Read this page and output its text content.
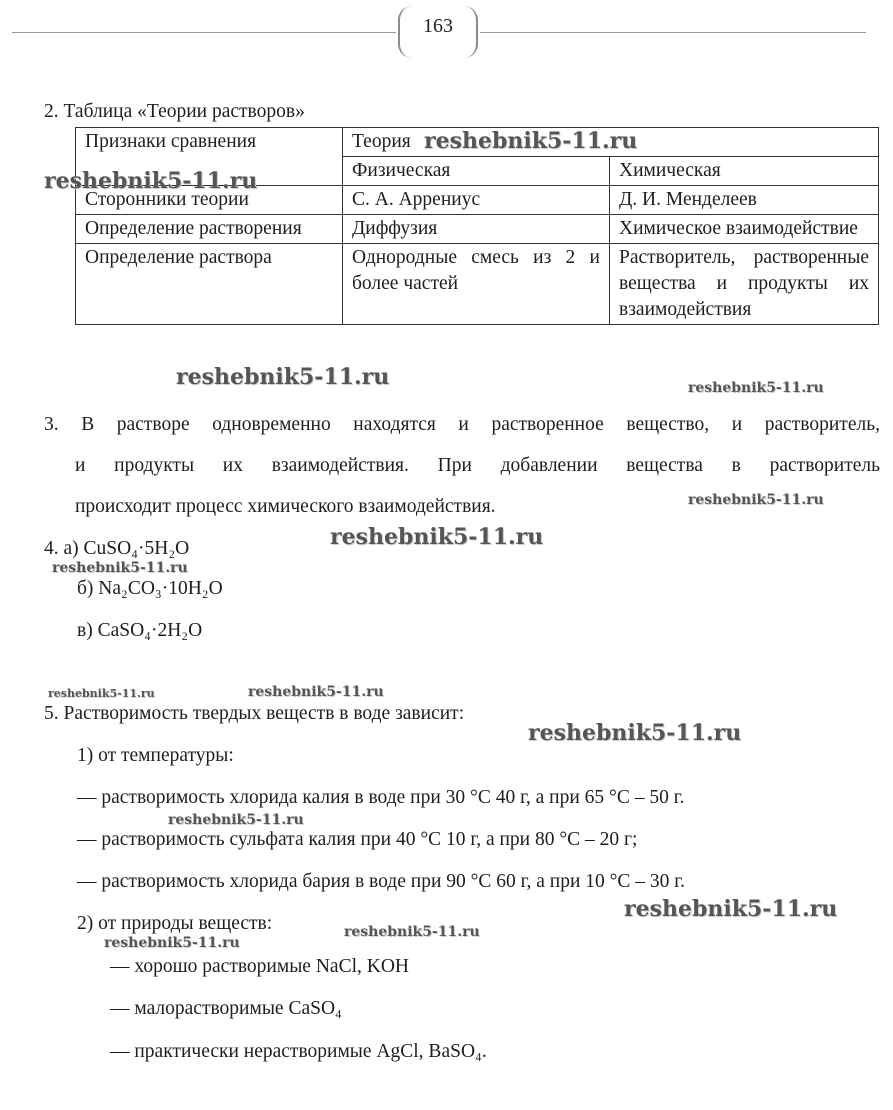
163
2. Таблица «Теории растворов»
Признаки сравнения	Теория	
	Физическая	Химическая
Сторонники теории	С. А. Аррениус	Д. И. Менделеев
Определение растворения	Диффузия	Химическое взаимодействие
Определение раствора	Однородные смесь из 2 и более частей	Растворитель, растворенные вещества и продукты их взаимодействия
3. В растворе одновременно находятся и растворенное вещество, и растворитель,
и продукты их взаимодействия. При добавлении вещества в растворитель
происходит процесс химического взаимодействия.
4. а) CuSO₄·5H₂O
б) Na₂CO₃·10H₂O
в) CaSO₄·2H₂O
5. Растворимость твердых веществ в воде зависит:
1) от температуры:
— растворимость хлорида калия в воде при 30 °С 40 г, а при 65 °С – 50 г.
— растворимость сульфата калия при 40 °С 10 г, а при 80 °С – 20 г;
— растворимость хлорида бария в воде при 90 °С 60 г, а при 10 °С – 30 г.
2) от природы веществ:
— хорошо растворимые NaCl, KOH
— малорастворимые CaSO₄
— практически нерастворимые AgCl, BaSO₄.
reshebnik5-11.ru
reshebnik5-11.ru
reshebnik5-11.ru	reshebnik5-11.ru
reshebnik5-11.ru
reshebnik5-11.ru
reshebnik5-11.ru
reshebnik5-11.ru	reshebnik5-11.ru
reshebnik5-11.ru
reshebnik5-11.ru
reshebnik5-11.ru
reshebnik5-11.ru
reshebnik5-11.ru
